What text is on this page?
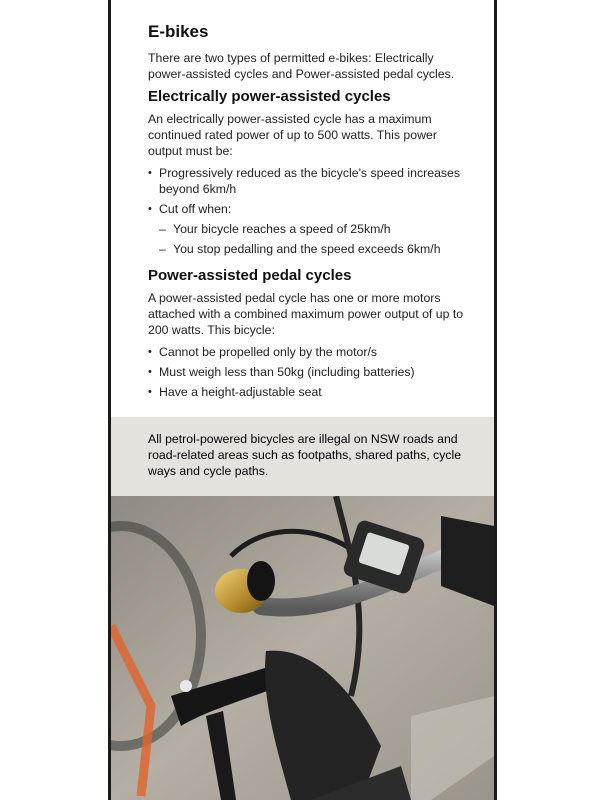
E-bikes

There are two types of permitted e-bikes: Electrically power-assisted cycles and Power-assisted pedal cycles.

Electrically power-assisted cycles

An electrically power-assisted cycle has a maximum continued rated power of up to 500 watts. This power output must be:

• Progressively reduced as the bicycle's speed increases beyond 6km/h
• Cut off when:
– Your bicycle reaches a speed of 25km/h
– You stop pedalling and the speed exceeds 6km/h
Power-assisted pedal cycles

A power-assisted pedal cycle has one or more motors attached with a combined maximum power output of up to 200 watts. This bicycle:

• Cannot be propelled only by the motor/s
• Must weigh less than 50kg (including batteries)
• Have a height-adjustable seat

All petrol-powered bicycles are illegal on NSW roads and road-related areas such as footpaths, shared paths, cycle ways and cycle paths.
